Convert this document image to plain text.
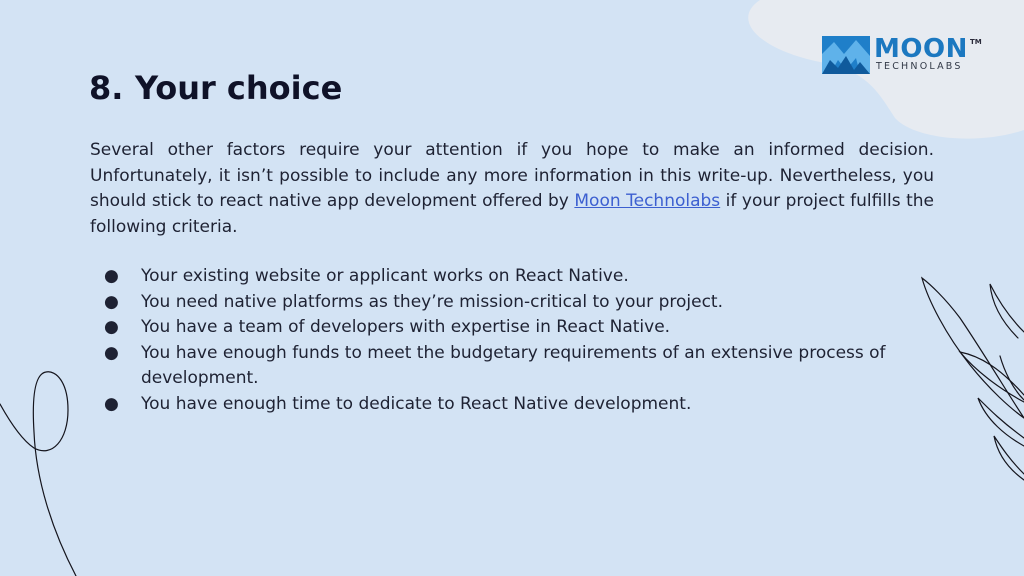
MOON TM
TECHNOLABS
8. Your choice

Several other factors require your attention if you hope to make an informed decision. Unfortunately, it isn’t possible to include any more information in this write-up. Nevertheless, you should stick to react native app development offered by Moon Technolabs if your project fulfills the following criteria.

● Your existing website or applicant works on React Native.
● You need native platforms as they’re mission-critical to your project.
● You have a team of developers with expertise in React Native.
● You have enough funds to meet the budgetary requirements of an extensive process of development.
● You have enough time to dedicate to React Native development.
